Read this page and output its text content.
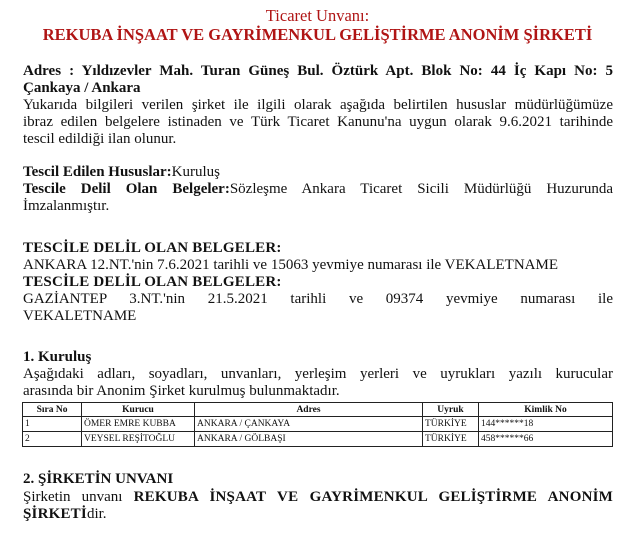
Ticaret Unvanı:
REKUBA İNŞAAT VE GAYRİMENKUL GELİŞTİRME ANONİM ŞİRKETİ
Adres : Yıldızevler Mah. Turan Güneş Bul. Öztürk Apt. Blok No: 44 İç Kapı No: 5
Çankaya / Ankara
Yukarıda bilgileri verilen şirket ile ilgili olarak aşağıda belirtilen hususlar müdürlüğümüze
ibraz edilen belgelere istinaden ve Türk Ticaret Kanunu'na uygun olarak 9.6.2021 tarihinde
tescil edildiği ilan olunur.
Tescil Edilen Hususlar:Kuruluş
Tescile Delil Olan Belgeler:Sözleşme Ankara Ticaret Sicili Müdürlüğü Huzurunda
İmzalanmıştır.
TESCİLE DELİL OLAN BELGELER:
ANKARA 12.NT.'nin 7.6.2021 tarihli ve 15063 yevmiye numarası ile VEKALETNAME
TESCİLE DELİL OLAN BELGELER:
GAZİANTEP 3.NT.'nin 21.5.2021 tarihli ve 09374 yevmiye numarası ile
VEKALETNAME
1. Kuruluş
Aşağıdaki adları, soyadları, unvanları, yerleşim yerleri ve uyrukları yazılı kurucular
arasında bir Anonim Şirket kurulmuş bulunmaktadır.
Sıra No	Kurucu	Adres	Uyruk	Kimlik No
1	ÖMER EMRE KUBBA	ANKARA / ÇANKAYA	TÜRKİYE	144******18
2	VEYSEL REŞİTOĞLU	ANKARA / GÖLBAŞI	TÜRKİYE	458******66
2. ŞİRKETİN UNVANI
Şirketin unvanı REKUBA İNŞAAT VE GAYRİMENKUL GELİŞTİRME ANONİM
ŞİRKETİdir.
